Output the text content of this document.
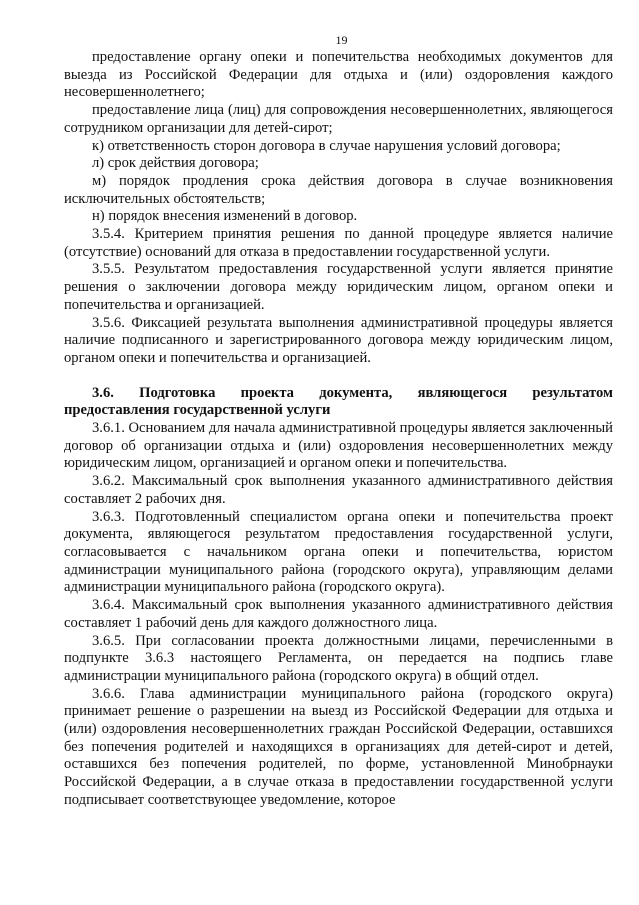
19

предоставление органу опеки и попечительства необходимых документов для выезда из Российской Федерации для отдыха и (или) оздоровления каждого несовершеннолетнего;

предоставление лица (лиц) для сопровождения несовершеннолетних, являющегося сотрудником организации для детей-сирот;

к) ответственность сторон договора в случае нарушения условий договора;

л) срок действия договора;

м) порядок продления срока действия договора в случае возникновения исключительных обстоятельств;

н) порядок внесения изменений в договор.

3.5.4. Критерием принятия решения по данной процедуре является наличие (отсутствие) оснований для отказа в предоставлении государственной услуги.

3.5.5. Результатом предоставления государственной услуги является принятие решения о заключении договора между юридическим лицом, органом опеки и попечительства и организацией.

3.5.6. Фиксацией результата выполнения административной процедуры является наличие подписанного и зарегистрированного договора между юридическим лицом, органом опеки и попечительства и организацией.

3.6. Подготовка проекта документа, являющегося результатом предоставления государственной услуги

3.6.1. Основанием для начала административной процедуры является заключенный договор об организации отдыха и (или) оздоровления несовершеннолетних между юридическим лицом, организацией и органом опеки и попечительства.

3.6.2. Максимальный срок выполнения указанного административного действия составляет 2 рабочих дня.

3.6.3. Подготовленный специалистом органа опеки и попечительства проект документа, являющегося результатом предоставления государственной услуги, согласовывается с начальником органа опеки и попечительства, юристом администрации муниципального района (городского округа), управляющим делами администрации муниципального района (городского округа).

3.6.4. Максимальный срок выполнения указанного административного действия составляет 1 рабочий день для каждого должностного лица.

3.6.5. При согласовании проекта должностными лицами, перечисленными в подпункте 3.6.3 настоящего Регламента, он передается на подпись главе администрации муниципального района (городского округа) в общий отдел.

3.6.6. Глава администрации муниципального района (городского округа) принимает решение о разрешении на выезд из Российской Федерации для отдыха и (или) оздоровления несовершеннолетних граждан Российской Федерации, оставшихся без попечения родителей и находящихся в организациях для детей-сирот и детей, оставшихся без попечения родителей, по форме, установленной Минобрнауки Российской Федерации, а в случае отказа в предоставлении государственной услуги подписывает соответствующее уведомление, которое
